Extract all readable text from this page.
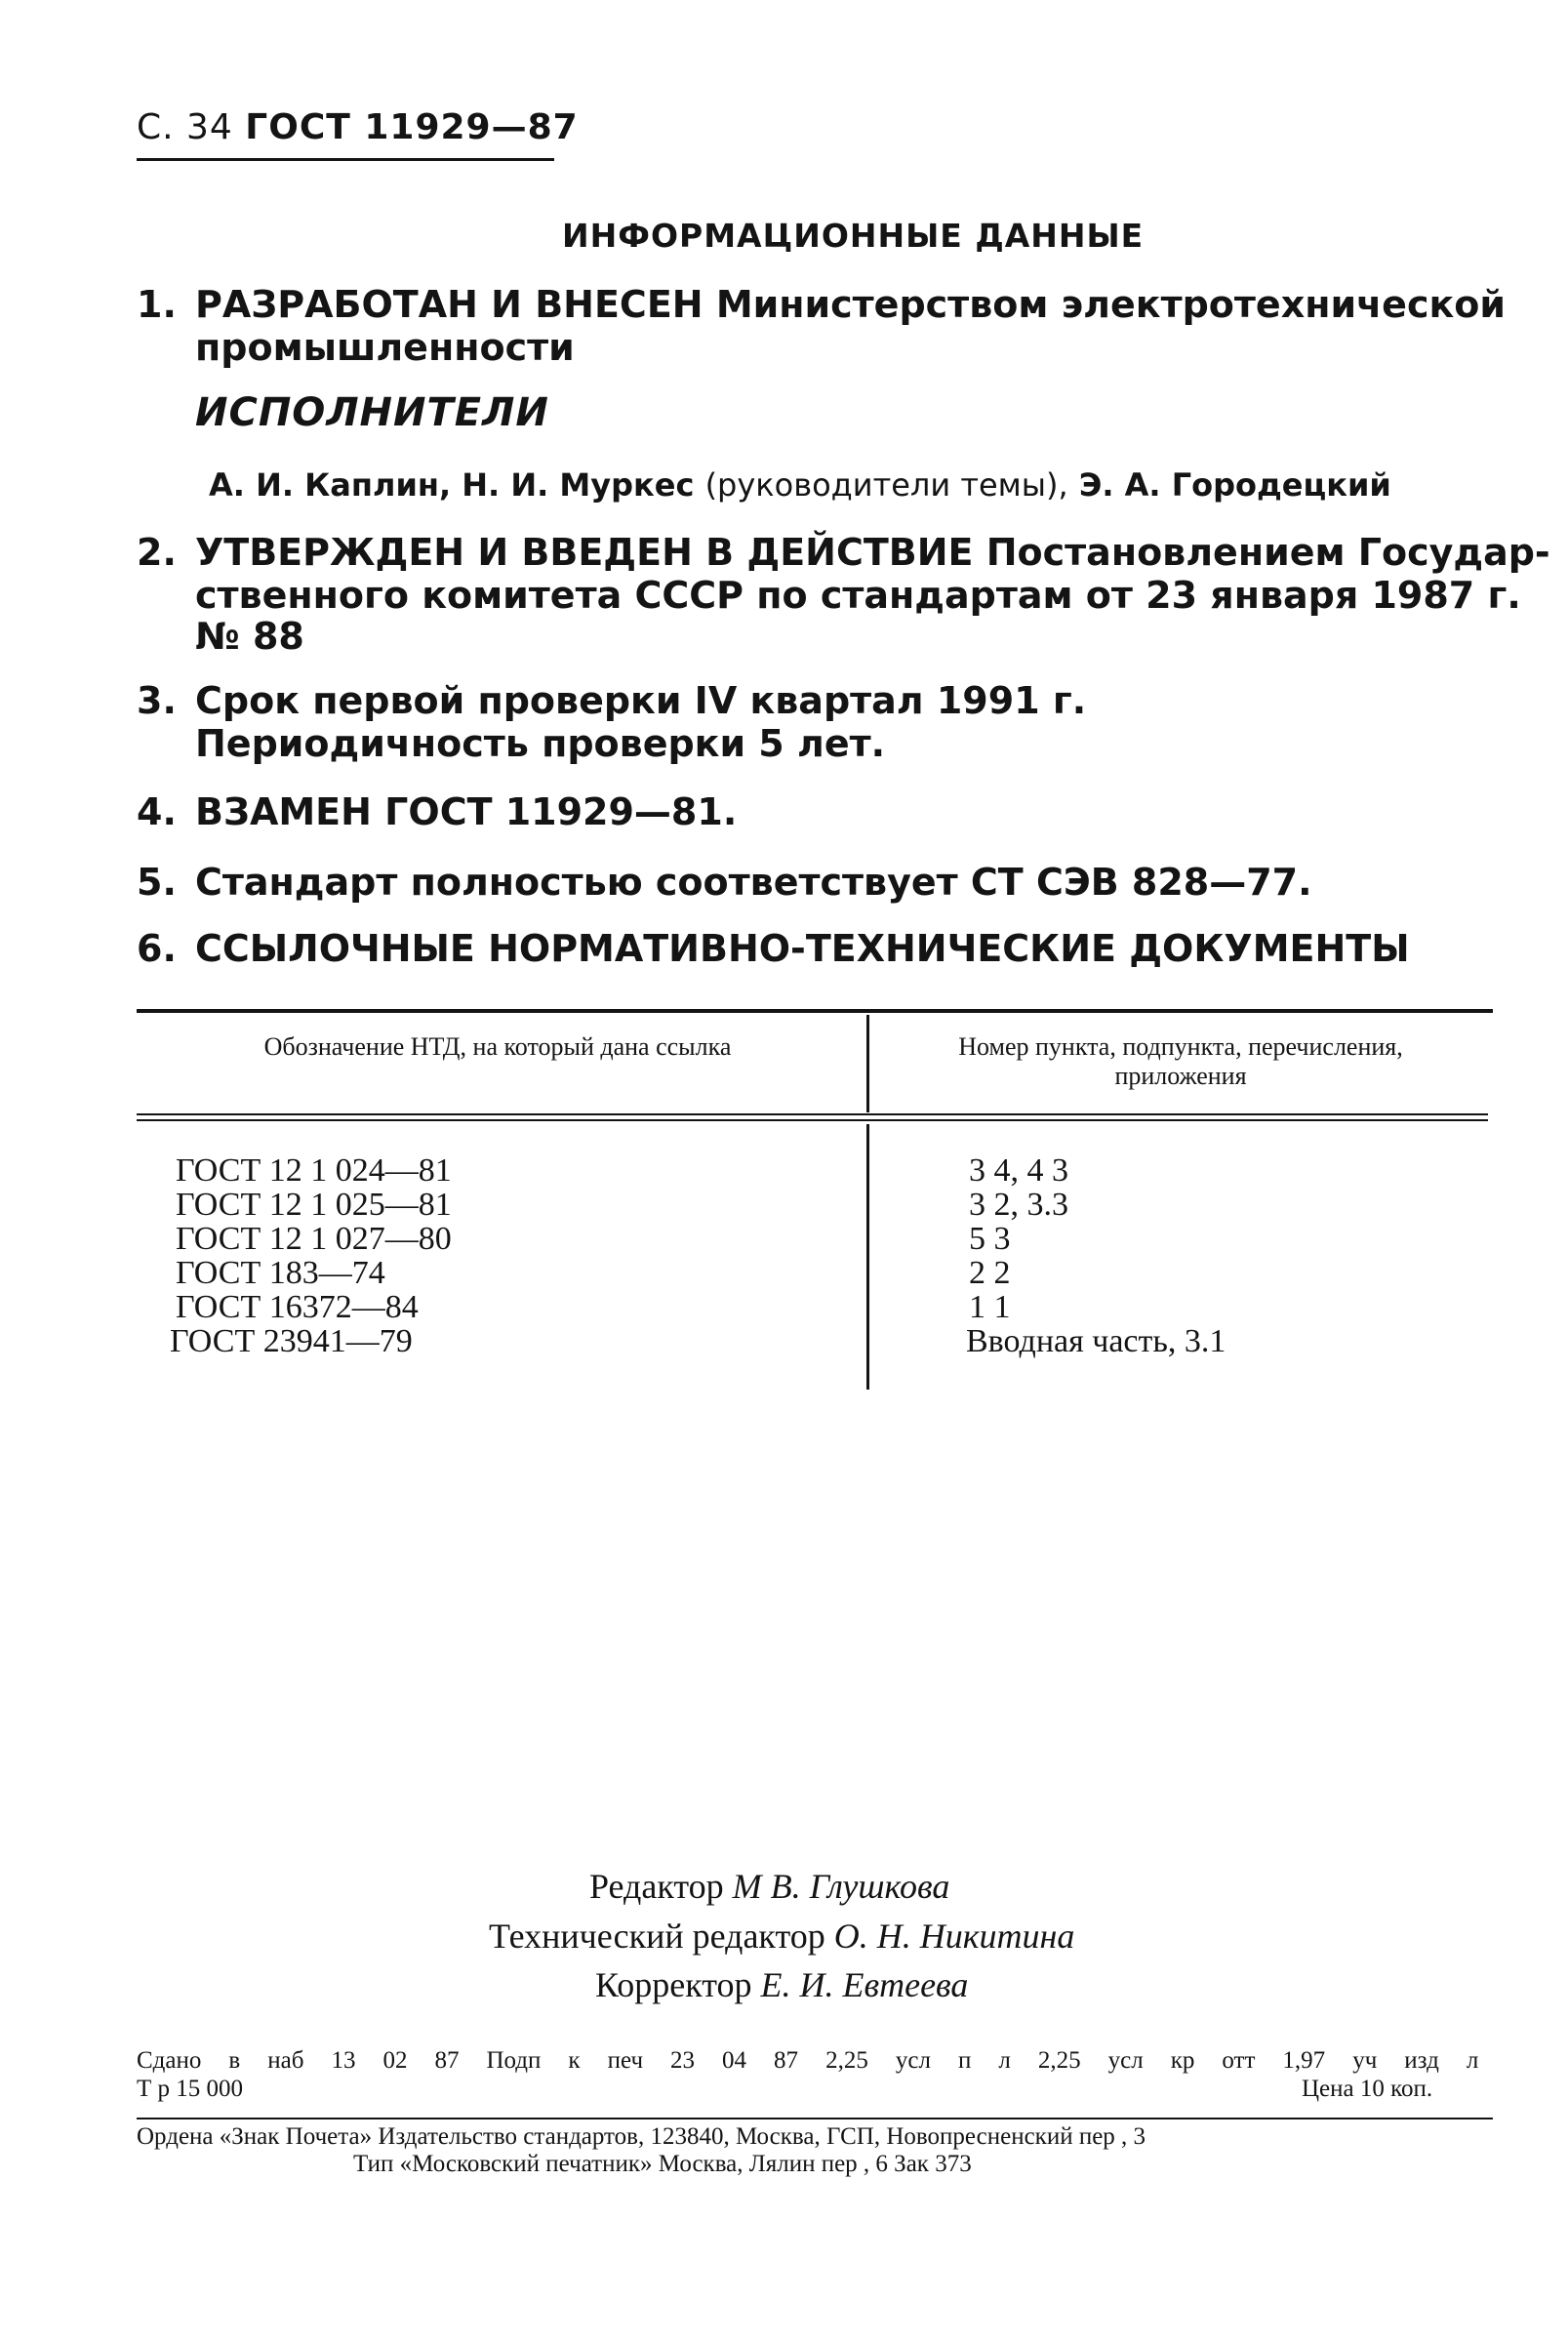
С. 34 ГОСТ 11929—87
ИНФОРМАЦИОННЫЕ ДАННЫЕ
1. РАЗРАБОТАН И ВНЕСЕН Министерством электротехнической
промышленности
ИСПОЛНИТЕЛИ
А. И. Каплин, Н. И. Муркес (руководители темы), Э. А. Городецкий
2. УТВЕРЖДЕН И ВВЕДЕН В ДЕЙСТВИЕ Постановлением Государ-
ственного комитета СССР по стандартам от 23 января 1987 г.
№ 88
3. Срок первой проверки IV квартал 1991 г.
Периодичность проверки 5 лет.
4. ВЗАМЕН ГОСТ 11929—81.
5. Стандарт полностью соответствует СТ СЭВ 828—77.
6. ССЫЛОЧНЫЕ НОРМАТИВНО-ТЕХНИЧЕСКИЕ ДОКУМЕНТЫ
Обозначение НТД, на который дана ссылка	Номер пункта, подпункта, перечисления, приложения
ГОСТ 12 1 024—81	3 4, 4 3
ГОСТ 12 1 025—81	3 2, 3.3
ГОСТ 12 1 027—80	5 3
ГОСТ 183—74	2 2
ГОСТ 16372—84	1 1
ГОСТ 23941—79	Вводная часть, 3.1
Редактор М В. Глушкова
Технический редактор О. Н. Никитина
Корректор Е. И. Евтеева
Сдано в наб 13 02 87 Подп к печ 23 04 87 2,25 усл п л 2,25 усл кр отт 1,97 уч изд л
Т р 15 000	Цена 10 коп.
Ордена «Знак Почета» Издательство стандартов, 123840, Москва, ГСП, Новопресненский пер , 3
Тип «Московский печатник» Москва, Лялин пер , 6 Зак 373
